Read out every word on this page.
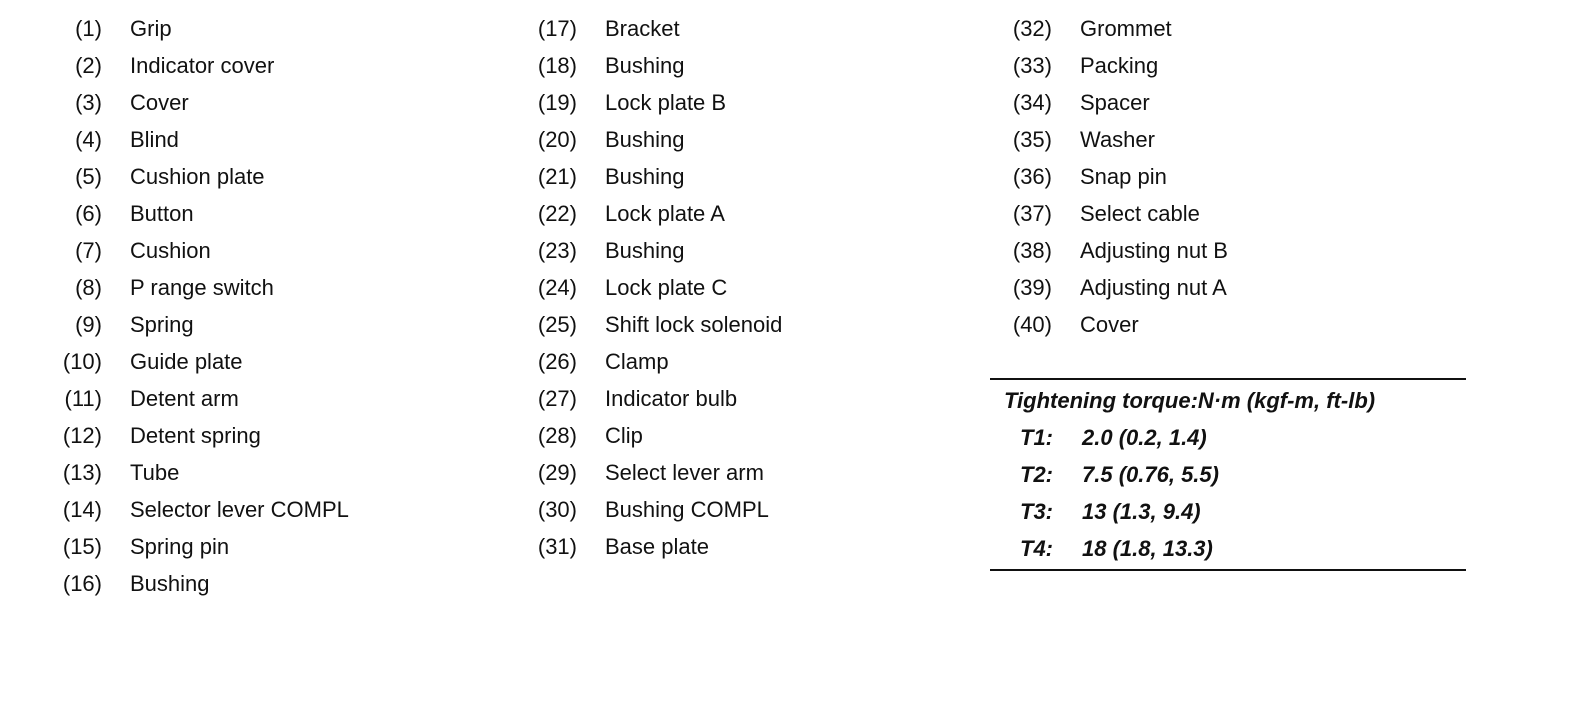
(1) Grip
(2) Indicator cover
(3) Cover
(4) Blind
(5) Cushion plate
(6) Button
(7) Cushion
(8) P range switch
(9) Spring
(10) Guide plate
(11) Detent arm
(12) Detent spring
(13) Tube
(14) Selector lever COMPL
(15) Spring pin
(16) Bushing
(17) Bracket
(18) Bushing
(19) Lock plate B
(20) Bushing
(21) Bushing
(22) Lock plate A
(23) Bushing
(24) Lock plate C
(25) Shift lock solenoid
(26) Clamp
(27) Indicator bulb
(28) Clip
(29) Select lever arm
(30) Bushing COMPL
(31) Base plate
(32) Grommet
(33) Packing
(34) Spacer
(35) Washer
(36) Snap pin
(37) Select cable
(38) Adjusting nut B
(39) Adjusting nut A
(40) Cover
Tightening torque:N·m (kgf-m, ft-lb)
T1: 2.0 (0.2, 1.4)
T2: 7.5 (0.76, 5.5)
T3: 13 (1.3, 9.4)
T4: 18 (1.8, 13.3)
